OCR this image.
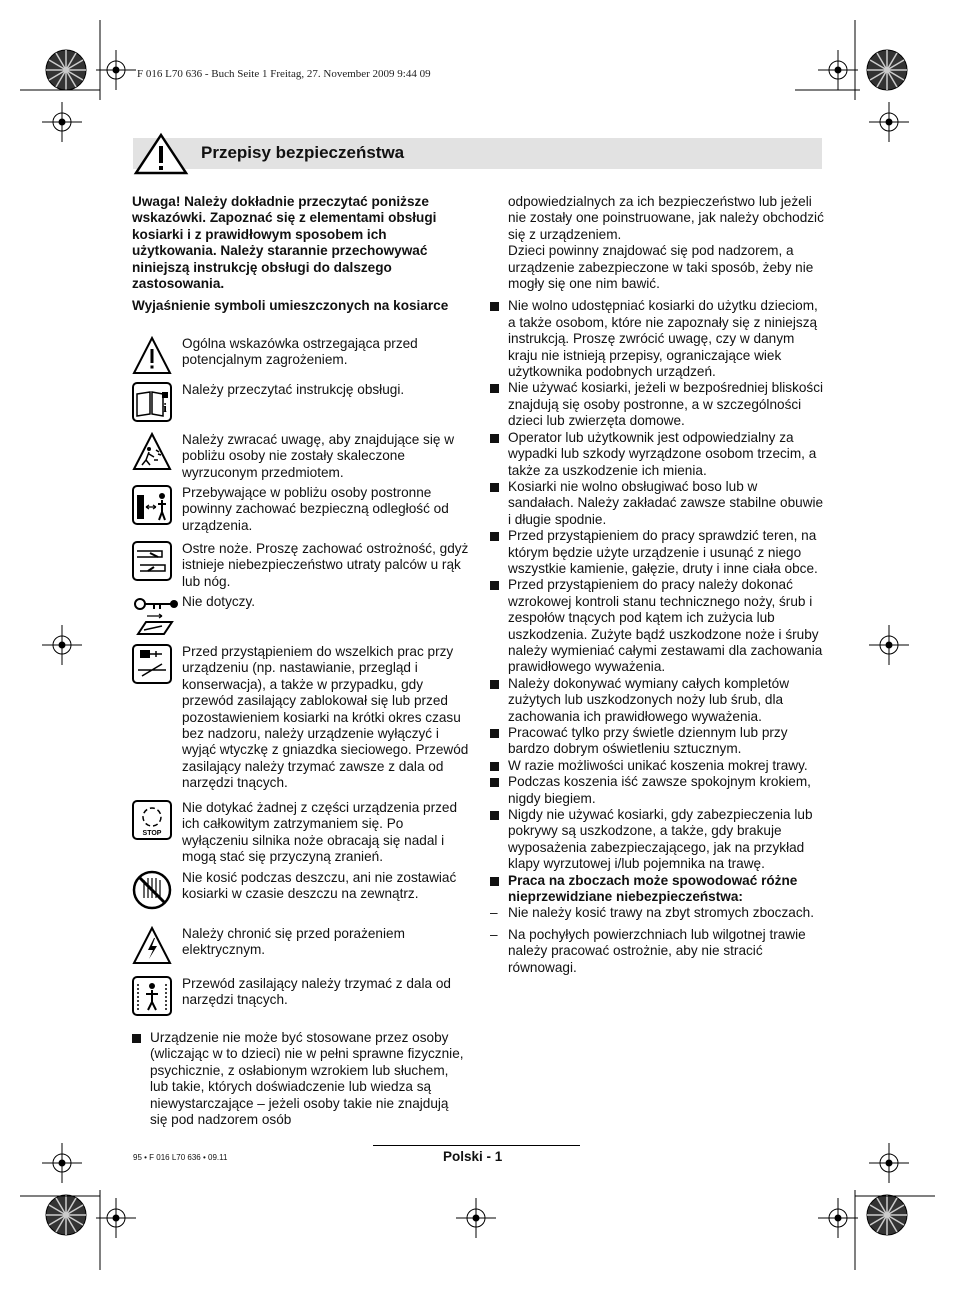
F 016 L70 636 - Buch Seite 1 Freitag, 27. November 2009 9:44 09
Przepisy bezpieczeństwa

Uwaga! Należy dokładnie przeczytać poniższe wskazówki. Zapoznać się z elementami obsługi kosiarki i z prawidłowym sposobem ich użytkowania. Należy starannie przechowywać niniejszą instrukcję obsługi do dalszego zastosowania.

Wyjaśnienie symboli umieszczonych na kosiarce

Ogólna wskazówka ostrzegająca przed potencjalnym zagrożeniem.
i
Należy przeczytać instrukcję obsługi.
Należy zwracać uwagę, aby znajdujące się w pobliżu osoby nie zostały skaleczone wyrzuconym przedmiotem.
Przebywające w pobliżu osoby postronne powinny zachować bezpieczną odległość od urządzenia.
Ostre noże. Proszę zachować ostrożność, gdyż istnieje niebezpieczeństwo utraty palców u rąk lub nóg.
Nie dotyczy.
Przed przystąpieniem do wszelkich prac przy urządzeniu (np. nastawianie, przegląd i konserwacja), a także w przypadku, gdy przewód zasilający zablokował się lub przed pozostawieniem kosiarki na krótki okres czasu bez nadzoru, należy urządzenie wyłączyć i wyjąć wtyczkę z gniazdka sieciowego. Przewód zasilający należy trzymać zawsze z dala od narzędzi tnących.
STOP
Nie dotykać żadnej z części urządzenia przed ich całkowitym zatrzymaniem się. Po wyłączeniu silnika noże obracają się nadal i mogą stać się przyczyną zranień.
Nie kosić podczas deszczu, ani nie zostawiać kosiarki w czasie deszczu na zewnątrz.
Należy chronić się przed porażeniem elektrycznym.
Przewód zasilający należy trzymać z dala od narzędzi tnących.

Urządzenie nie może być stosowane przez osoby (wliczając w to dzieci) nie w pełni sprawne fizycznie, psychicznie, z osłabionym wzrokiem lub słuchem, lub takie, których doświadczenie lub wiedza są niewystarczające – jeżeli osoby takie nie znajdują się pod nadzorem osób

odpowiedzialnych za ich bezpieczeństwo lub jeżeli nie zostały one poinstruowane, jak należy obchodzić się z urządzeniem.

Dzieci powinny znajdować się pod nadzorem, a urządzenie zabezpieczone w taki sposób, żeby nie mogły się one nim bawić.

Nie wolno udostępniać kosiarki do użytku dzieciom, a także osobom, które nie zapoznały się z niniejszą instrukcją. Proszę zwrócić uwagę, czy w danym kraju nie istnieją przepisy, ograniczające wiek użytkownika podobnych urządzeń.

Nie używać kosiarki, jeżeli w bezpośredniej bliskości znajdują się osoby postronne, a w szczególności dzieci lub zwierzęta domowe.

Operator lub użytkownik jest odpowiedzialny za wypadki lub szkody wyrządzone osobom trzecim, a także za uszkodzenie ich mienia.

Kosiarki nie wolno obsługiwać boso lub w sandałach. Należy zakładać zawsze stabilne obuwie i długie spodnie.

Przed przystąpieniem do pracy sprawdzić teren, na którym będzie użyte urządzenie i usunąć z niego wszystkie kamienie, gałęzie, druty i inne ciała obce.

Przed przystąpieniem do pracy należy dokonać wzrokowej kontroli stanu technicznego noży, śrub i zespołów tnących pod kątem ich zużycia lub uszkodzenia. Zużyte bądź uszkodzone noże i śruby należy wymieniać całymi zestawami dla zachowania prawidłowego wyważenia.

Należy dokonywać wymiany całych kompletów zużytych lub uszkodzonych noży lub śrub, dla zachowania ich prawidłowego wyważenia.

Pracować tylko przy świetle dziennym lub przy bardzo dobrym oświetleniu sztucznym.

W razie możliwości unikać koszenia mokrej trawy.

Podczas koszenia iść zawsze spokojnym krokiem, nigdy biegiem.

Nigdy nie używać kosiarki, gdy zabezpieczenia lub pokrywy są uszkodzone, a także, gdy brakuje wyposażenia zabezpieczającego, jak na przykład klapy wyrzutowej i/lub pojemnika na trawę.

Praca na zboczach może spowodować różne nieprzewidziane niebezpieczeństwa:

– Nie należy kosić trawy na zbyt stromych zboczach.
– Na pochyłych powierzchniach lub wilgotnej trawie należy pracować ostrożnie, aby nie stracić równowagi.
95 • F 016 L70 636 • 09.11	Polski - 1
